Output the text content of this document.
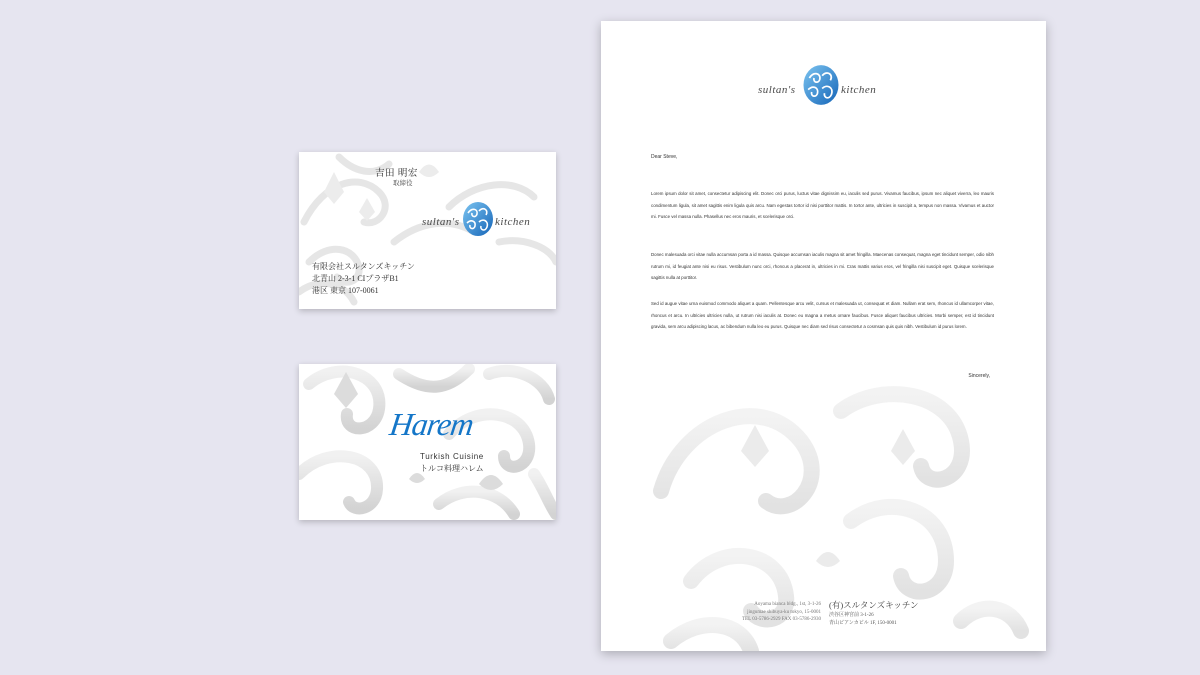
吉田 明宏
取締役
sultan's	kitchen
有限会社スルタンズキッチン
北青山 2-3-1 CIプラザB1
港区 東京 107-0061
Harem
Turkish Cuisine
トルコ料理ハレム
sultan's	kitchen
Dear Steve,
Lorem ipsum dolor sit amet, consectetur adipiscing elit. Donec orci purus, luctus vitae dignissim eu, iaculis sed purus. Vivamus faucibus, ipsum nec aliquet viverra, leo mauris condimentum ligula, sit amet sagittis enim ligula quis arcu. Nam egestas tortor id nisi porttitor mattis. In tortor ante, ultricies in suscipit a, tempus non massa. Vivamus et auctor mi. Fusce vel massa nulla. Phasellus nec eros mauris, et scelerisque orci.
Donec malesuada orci vitae nulla accumsan porta a id massa. Quisque accumsan iaculis magna sit amet fringilla. Maecenas consequat, magna eget tincidunt semper, odio nibh rutrum mi, id feugiat ante nisi eu risus. Vestibulum nunc orci, rhoncus a placerat in, ultricies in mi. Cras mattis varius eros, vel fringilla nisi suscipit eget. Quisque scelerisque sagittis nulla at porttitor.
Sed id augue vitae urna euismod commodo aliquet a quam. Pellentesque arcu velit, cursus et malesuada ut, consequat et diam. Nullam erat sem, rhoncus id ullamcorper vitae, rhoncus et arcu. In ultricies ultricies nulla, ut rutrum nisi iaculis at. Donec eu magna a metus ornare faucibus. Fusce aliquet faucibus ultricies. Morbi semper, est id tincidunt gravida, sem arcu adipiscing lacus, ac bibendum nulla leo eu purus. Quisque nec diam sed risus consectetur a cosmsan quis quis nibh. Vestibulum id purus lorem.
Sincerely,
Aoyama bianca bldg., 1st, 3-1-26
jingumae shibuya-ku tokyo, 15-0001
TEL 03-5786-2929 FAX 03-5786-2930
(有)スルタンズキッチン
渋谷区神宮前 3-1-26
青山ビアンカビル 1F, 150-0001
